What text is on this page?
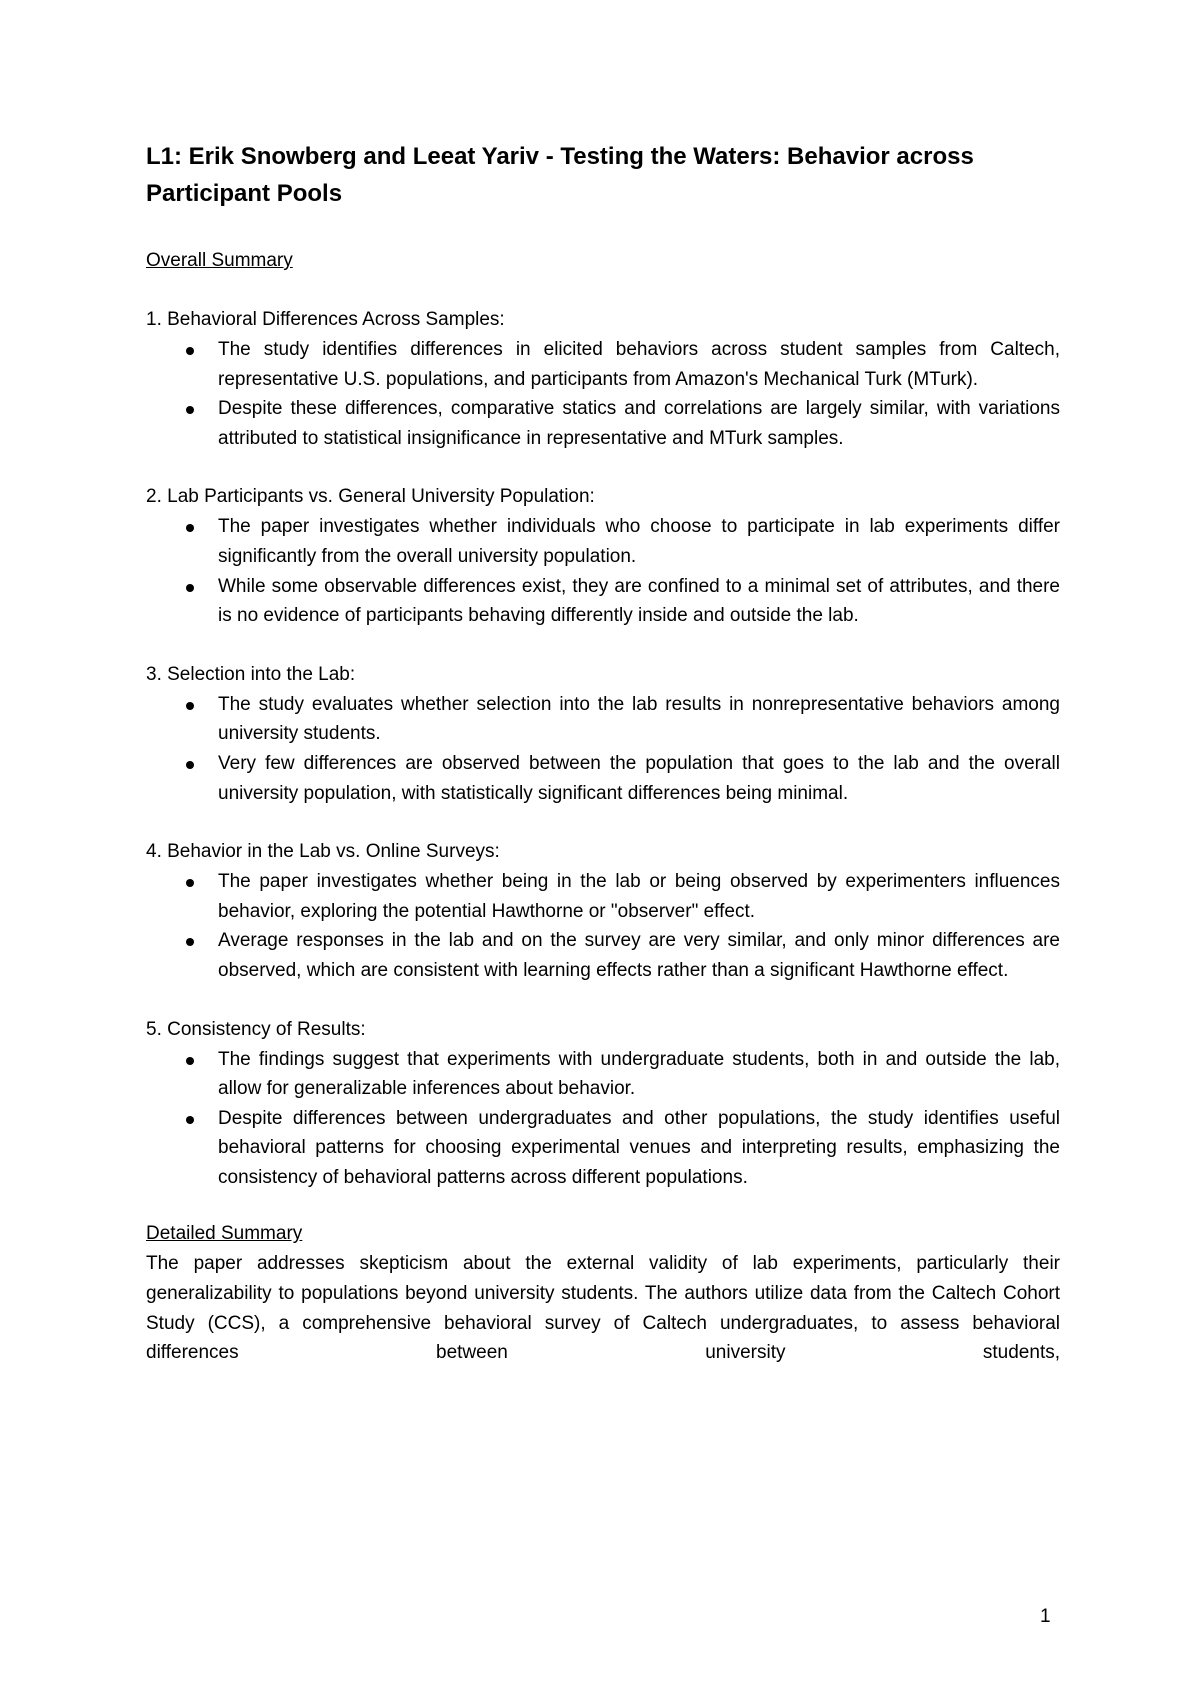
L1: Erik Snowberg and Leeat Yariv - Testing the Waters: Behavior across Participant Pools
Overall Summary

1. Behavioral Differences Across Samples:

The study identifies differences in elicited behaviors across student samples from Caltech, representative U.S. populations, and participants from Amazon's Mechanical Turk (MTurk).
Despite these differences, comparative statics and correlations are largely similar, with variations attributed to statistical insignificance in representative and MTurk samples.

2. Lab Participants vs. General University Population:

The paper investigates whether individuals who choose to participate in lab experiments differ significantly from the overall university population.
While some observable differences exist, they are confined to a minimal set of attributes, and there is no evidence of participants behaving differently inside and outside the lab.

3. Selection into the Lab:

The study evaluates whether selection into the lab results in nonrepresentative behaviors among university students.
Very few differences are observed between the population that goes to the lab and the overall university population, with statistically significant differences being minimal.

4. Behavior in the Lab vs. Online Surveys:

The paper investigates whether being in the lab or being observed by experimenters influences behavior, exploring the potential Hawthorne or "observer" effect.
Average responses in the lab and on the survey are very similar, and only minor differences are observed, which are consistent with learning effects rather than a significant Hawthorne effect.

5. Consistency of Results:

The findings suggest that experiments with undergraduate students, both in and outside the lab, allow for generalizable inferences about behavior.
Despite differences between undergraduates and other populations, the study identifies useful behavioral patterns for choosing experimental venues and interpreting results, emphasizing the consistency of behavioral patterns across different populations.
Detailed Summary

The paper addresses skepticism about the external validity of lab experiments, particularly their generalizability to populations beyond university students. The authors utilize data from the Caltech Cohort Study (CCS), a comprehensive behavioral survey of Caltech undergraduates, to assess behavioral differences between university students,

1
